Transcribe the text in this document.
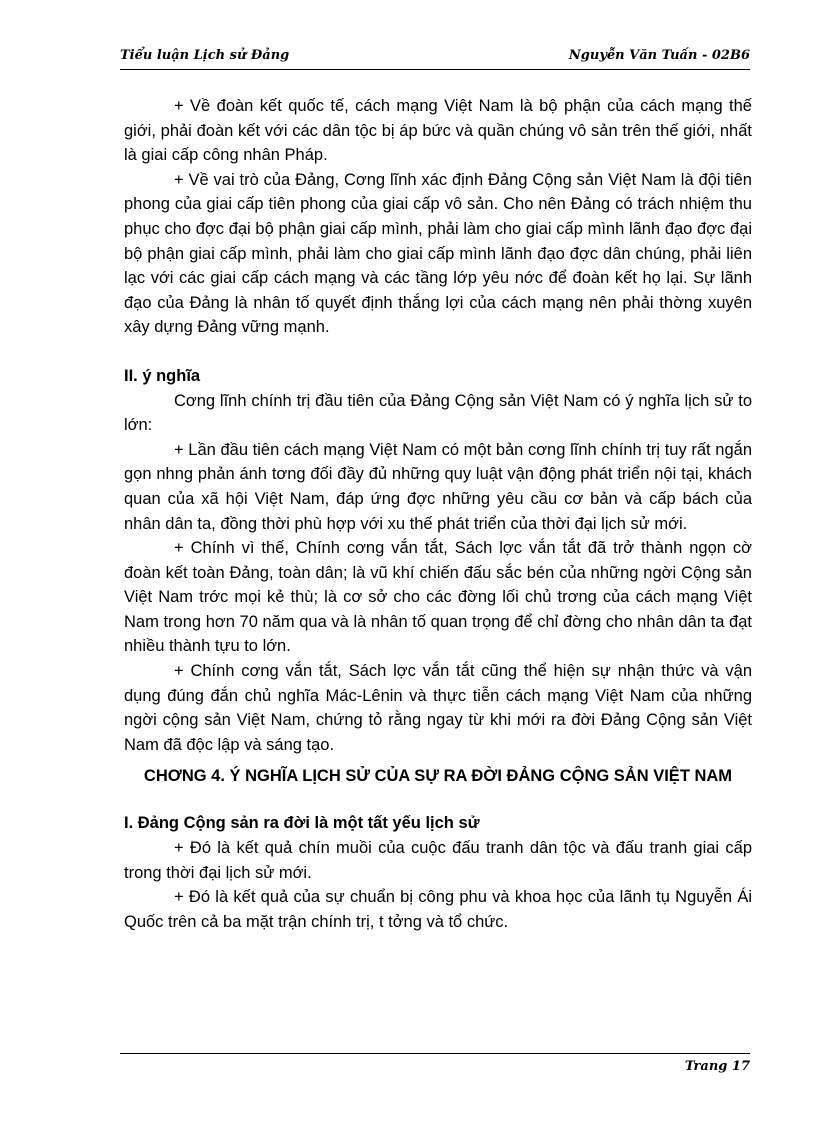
Tiểu luận Lịch sử Đảng	Nguyễn Văn Tuấn - 02B6

+ Về đoàn kết quốc tế, cách mạng Việt Nam là bộ phận của cách mạng thế giới, phải đoàn kết với các dân tộc bị áp bức và quần chúng vô sản trên thế giới, nhất là giai cấp công nhân Pháp.

+ Về vai trò của Đảng, Cơng lĩnh xác định Đảng Cộng sản Việt Nam là đội tiên phong của giai cấp tiên phong của giai cấp vô sản. Cho nên Đảng có trách nhiệm thu phục cho đợc đại bộ phận giai cấp mình, phải làm cho giai cấp mình lãnh đạo đợc đại bộ phận giai cấp mình, phải làm cho giai cấp mình lãnh đạo đợc dân chúng, phải liên lạc với các giai cấp cách mạng và các tầng lớp yêu nớc để đoàn kết họ lại. Sự lãnh đạo của Đảng là nhân tố quyết định thắng lợi của cách mạng nên phải thờng xuyên xây dựng Đảng vững mạnh.

II. ý nghĩa

Cơng lĩnh chính trị đầu tiên của Đảng Cộng sản Việt Nam có ý nghĩa lịch sử to lớn:

+ Lần đầu tiên cách mạng Việt Nam có một bản cơng lĩnh chính trị tuy rất ngắn gọn nhng phản ánh tơng đối đầy đủ những quy luật vận động phát triển nội tại, khách quan của xã hội Việt Nam, đáp ứng đợc những yêu cầu cơ bản và cấp bách của nhân dân ta, đồng thời phù hợp với xu thế phát triển của thời đại lịch sử mới.

+ Chính vì thế, Chính cơng vắn tắt, Sách lợc vắn tắt đã trở thành ngọn cờ đoàn kết toàn Đảng, toàn dân; là vũ khí chiến đấu sắc bén của những ngời Cộng sản Việt Nam trớc mọi kẻ thù; là cơ sở cho các đờng lối chủ trơng của cách mạng Việt Nam trong hơn 70 năm qua và là nhân tố quan trọng để chỉ đờng cho nhân dân ta đạt nhiều thành tựu to lớn.

+ Chính cơng vắn tắt, Sách lợc vắn tắt cũng thể hiện sự nhận thức và vận dụng đúng đắn chủ nghĩa Mác-Lênin và thực tiễn cách mạng Việt Nam của những ngời cộng sản Việt Nam, chứng tỏ rằng ngay từ khi mới ra đời Đảng Cộng sản Việt Nam đã độc lập và sáng tạo.

CHƠNG 4. Ý NGHĨA LỊCH SỬ CỦA SỰ RA ĐỜI ĐẢNG CỘNG SẢN VIỆT NAM
I. Đảng Cộng sản ra đời là một tất yếu lịch sử

+ Đó là kết quả chín muồi của cuộc đấu tranh dân tộc và đấu tranh giai cấp trong thời đại lịch sử mới.

+ Đó là kết quả của sự chuẩn bị công phu và khoa học của lãnh tụ Nguyễn Ái Quốc trên cả ba mặt trận chính trị, t tởng và tổ chức.

Trang 17
